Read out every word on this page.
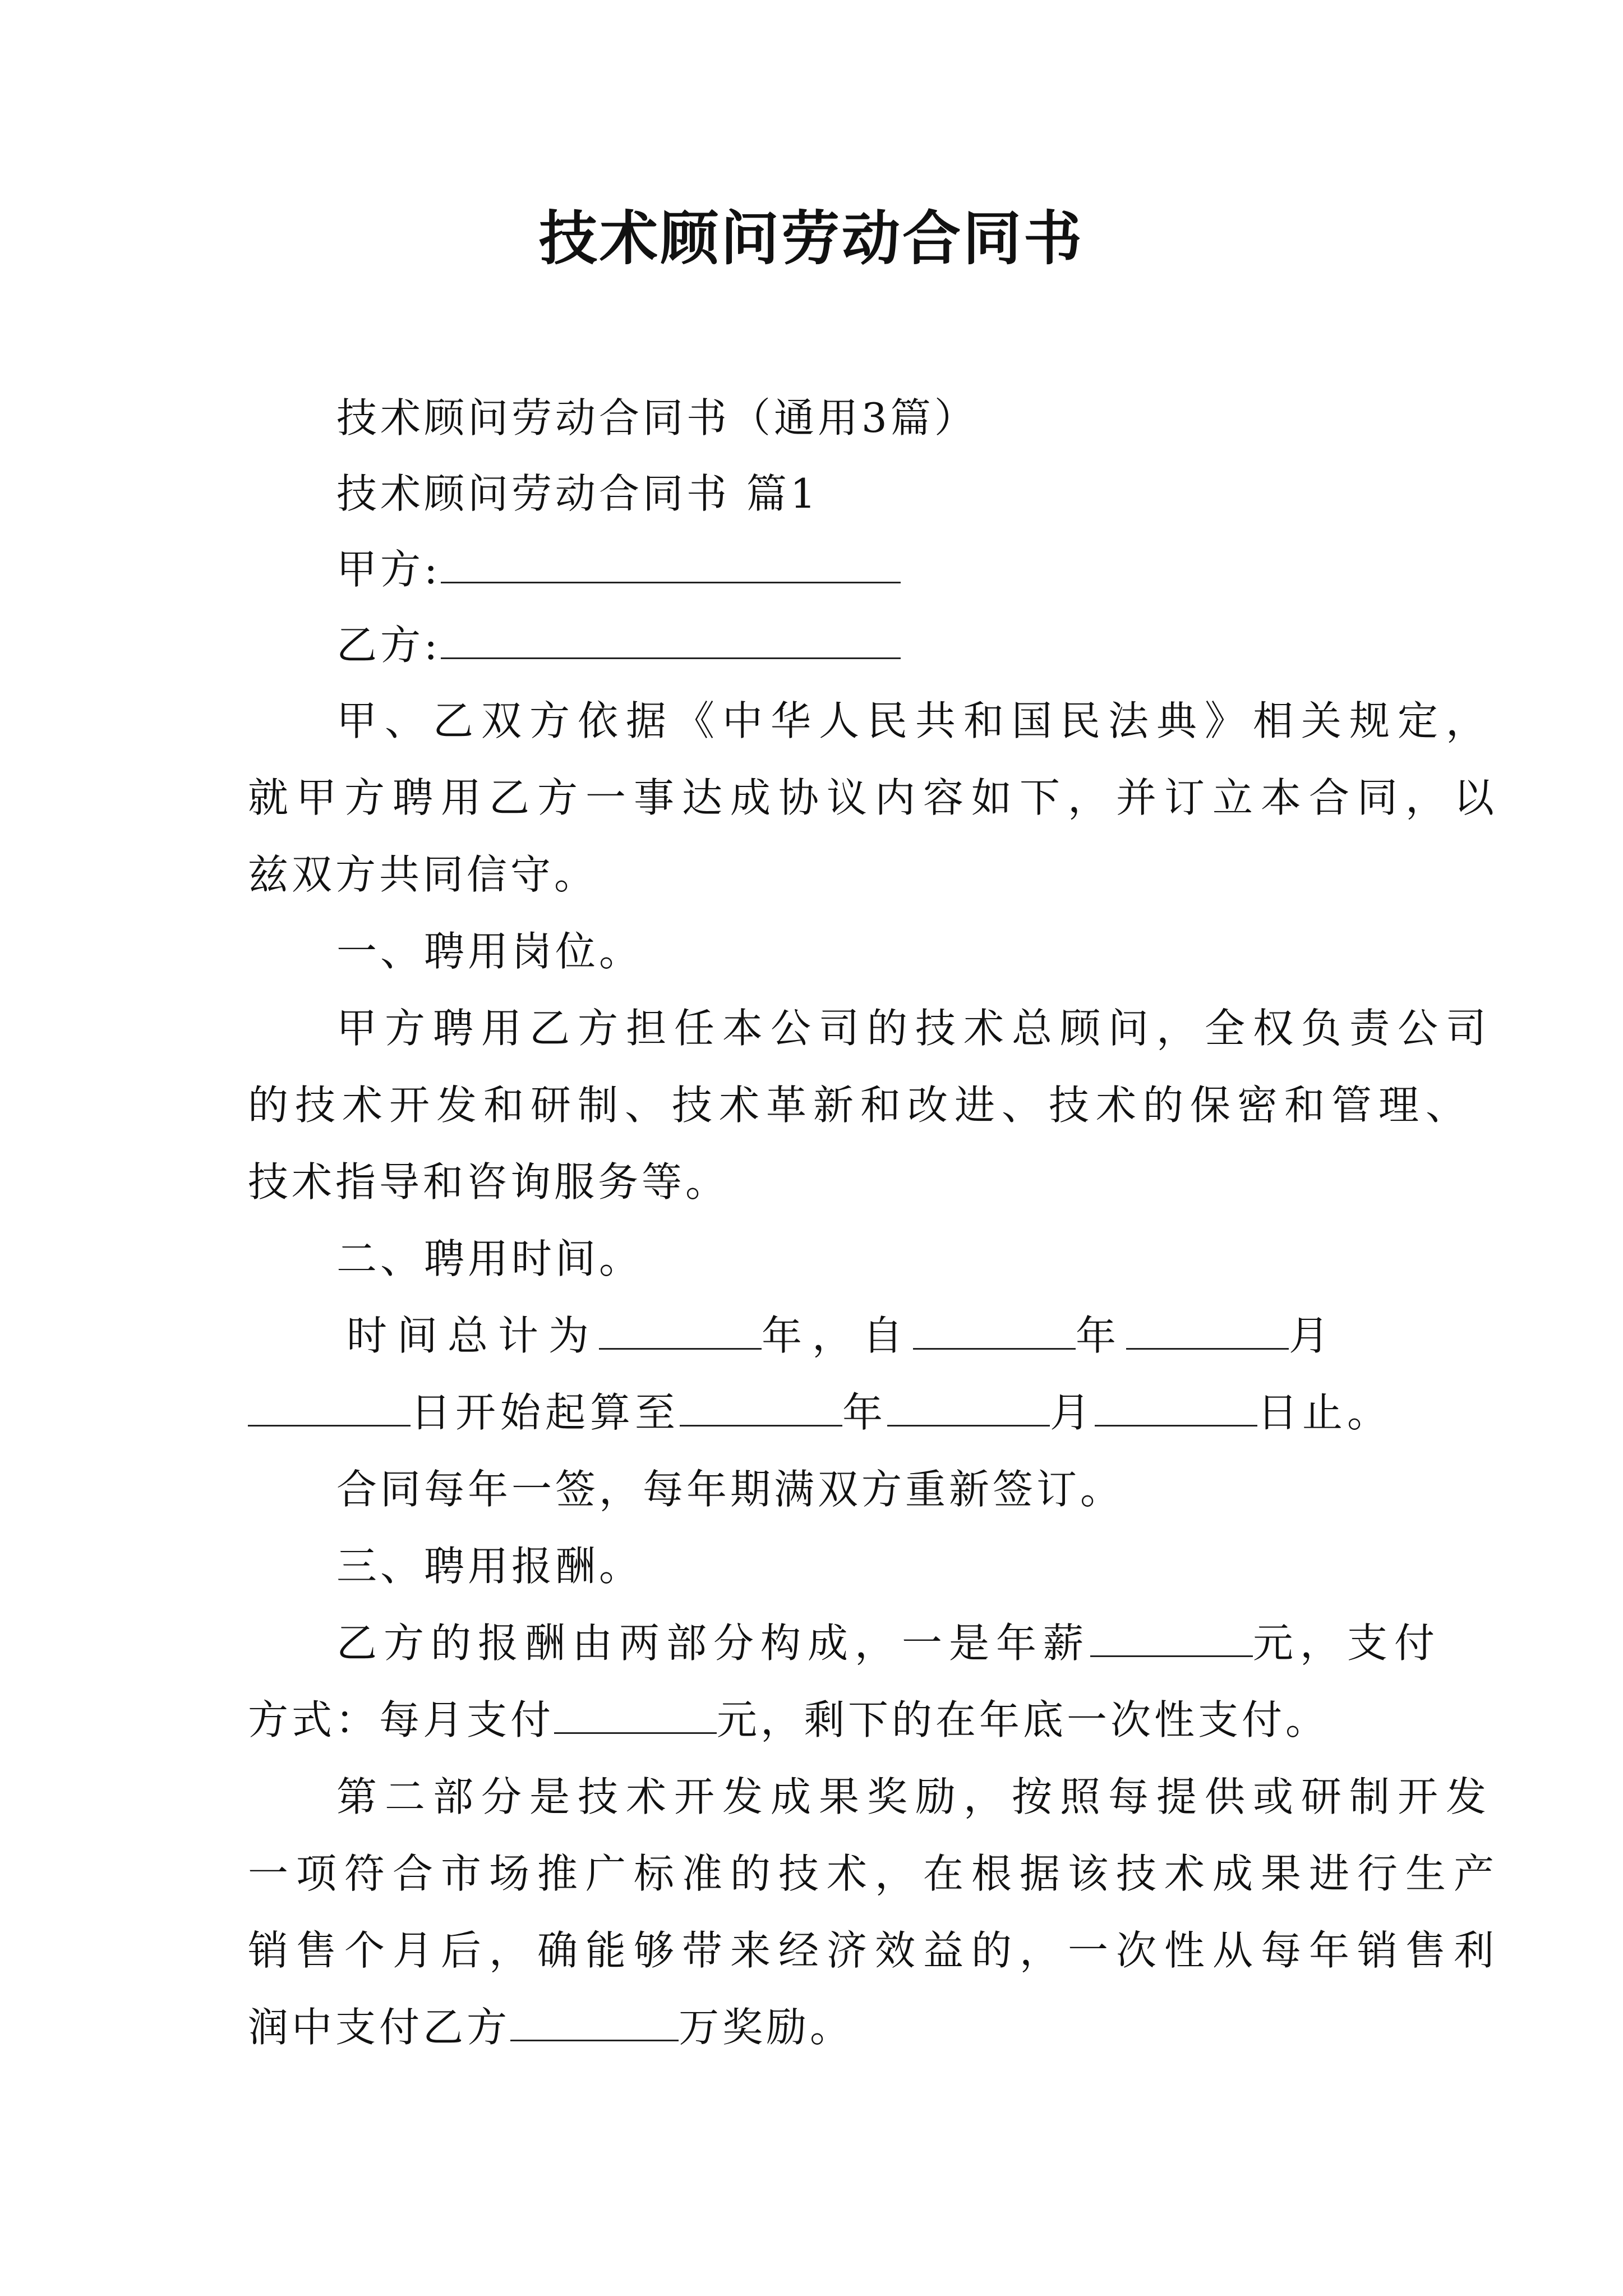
技术顾问劳动合同书
技术顾问劳动合同书（通用3篇）
技术顾问劳动合同书 篇1
甲方:
乙方:
甲、乙双方依据《中华人民共和国民法典》相关规定，
就甲方聘用乙方一事达成协议内容如下，并订立本合同，以
兹双方共同信守。
一、聘用岗位。
甲方聘用乙方担任本公司的技术总顾问，全权负责公司
的技术开发和研制、技术革新和改进、技术的保密和管理、
技术指导和咨询服务等。
二、聘用时间。
时间总计为	年，自	年	月
日开始起算至	年	月	日止。
合同每年一签，每年期满双方重新签订。
三、聘用报酬。
乙方的报酬由两部分构成，一是年薪	元，支付
方式：每月支付	元，剩下的在年底一次性支付。
第二部分是技术开发成果奖励，按照每提供或研制开发
一项符合市场推广标准的技术，在根据该技术成果进行生产
销售个月后，确能够带来经济效益的，一次性从每年销售利
润中支付乙方	万奖励。
